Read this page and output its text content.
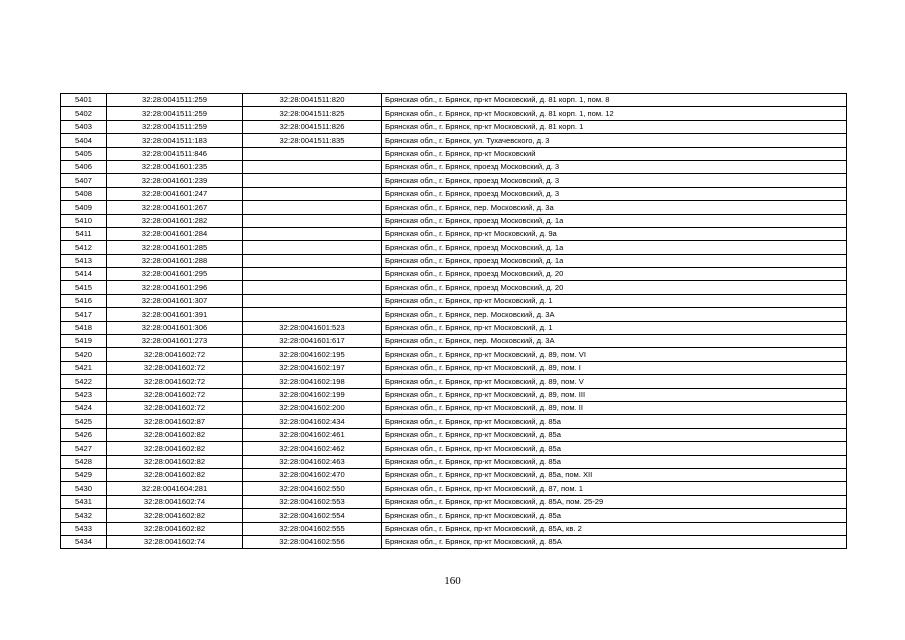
5401	32:28:0041511:259	32:28:0041511:820	Брянская обл., г. Брянск, пр-кт Московский, д. 81 корп. 1, пом. 8
5402	32:28:0041511:259	32:28:0041511:825	Брянская обл., г. Брянск, пр-кт Московский, д. 81 корп. 1, пом. 12
5403	32:28:0041511:259	32:28:0041511:826	Брянская обл., г. Брянск, пр-кт Московский, д. 81 корп. 1
5404	32:28:0041511:183	32:28:0041511:835	Брянская обл., г. Брянск, ул. Тухачевского, д. 3
5405	32:28:0041511:846		Брянская обл., г. Брянск, пр-кт Московский
5406	32:28:0041601:235		Брянская обл., г. Брянск, проезд Московский, д. 3
5407	32:28:0041601:239		Брянская обл., г. Брянск, проезд Московский, д. 3
5408	32:28:0041601:247		Брянская обл., г. Брянск, проезд Московский, д. 3
5409	32:28:0041601:267		Брянская обл., г. Брянск, пер. Московский, д. 3а
5410	32:28:0041601:282		Брянская обл., г. Брянск, проезд Московский, д. 1а
5411	32:28:0041601:284		Брянская обл., г. Брянск, пр-кт Московский, д. 9а
5412	32:28:0041601:285		Брянская обл., г. Брянск, проезд Московский, д. 1а
5413	32:28:0041601:288		Брянская обл., г. Брянск, проезд Московский, д. 1а
5414	32:28:0041601:295		Брянская обл., г. Брянск, проезд Московский, д. 20
5415	32:28:0041601:296		Брянская обл., г. Брянск, проезд Московский, д. 20
5416	32:28:0041601:307		Брянская обл., г. Брянск, пр-кт Московский, д. 1
5417	32:28:0041601:391		Брянская обл., г. Брянск, пер. Московский, д. 3А
5418	32:28:0041601:306	32:28:0041601:523	Брянская обл., г. Брянск, пр-кт Московский, д. 1
5419	32:28:0041601:273	32:28:0041601:617	Брянская обл., г. Брянск, пер. Московский, д. 3А
5420	32:28:0041602:72	32:28:0041602:195	Брянская обл., г. Брянск, пр-кт Московский, д. 89, пом. VI
5421	32:28:0041602:72	32:28:0041602:197	Брянская обл., г. Брянск, пр-кт Московский, д. 89, пом. I
5422	32:28:0041602:72	32:28:0041602:198	Брянская обл., г. Брянск, пр-кт Московский, д. 89, пом. V
5423	32:28:0041602:72	32:28:0041602:199	Брянская обл., г. Брянск, пр-кт Московский, д. 89, пом. III
5424	32:28:0041602:72	32:28:0041602:200	Брянская обл., г. Брянск, пр-кт Московский, д. 89, пом. II
5425	32:28:0041602:87	32:28:0041602:434	Брянская обл., г. Брянск, пр-кт Московский, д. 85а
5426	32:28:0041602:82	32:28:0041602:461	Брянская обл., г. Брянск, пр-кт Московский, д. 85а
5427	32:28:0041602:82	32:28:0041602:462	Брянская обл., г. Брянск, пр-кт Московский, д. 85а
5428	32:28:0041602:82	32:28:0041602:463	Брянская обл., г. Брянск, пр-кт Московский, д. 85а
5429	32:28:0041602:82	32:28:0041602:470	Брянская обл., г. Брянск, пр-кт Московский, д. 85а, пом. XII
5430	32:28:0041604:281	32:28:0041602:550	Брянская обл., г. Брянск, пр-кт Московский, д. 87, пом. 1
5431	32:28:0041602:74	32:28:0041602:553	Брянская обл., г. Брянск, пр-кт Московский, д. 85А, пом. 25-29
5432	32:28:0041602:82	32:28:0041602:554	Брянская обл., г. Брянск, пр-кт Московский, д. 85а
5433	32:28:0041602:82	32:28:0041602:555	Брянская обл., г. Брянск, пр-кт Московский, д. 85А, кв. 2
5434	32:28:0041602:74	32:28:0041602:556	Брянская обл., г. Брянск, пр-кт Московский, д. 85А
160
